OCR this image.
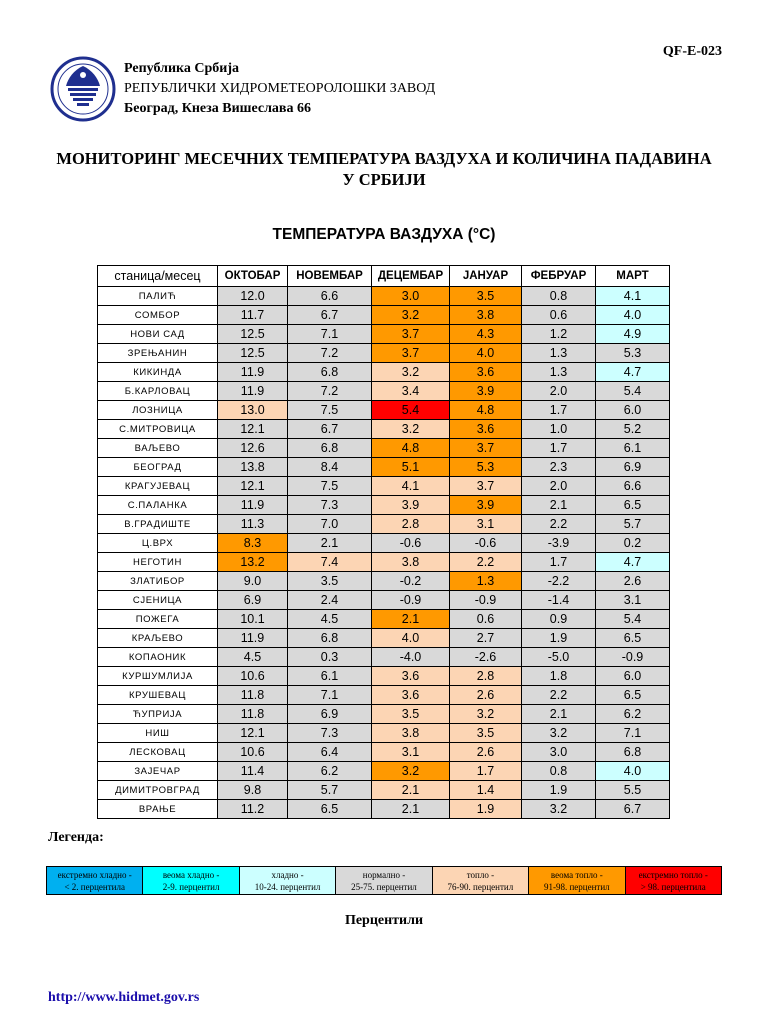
QF-E-023
Република Србија
РЕПУБЛИЧКИ ХИДРОМЕТЕОРОЛОШКИ ЗАВОД
Београд, Кнеза Вишеслава 66
МОНИТОРИНГ МЕСЕЧНИХ ТЕМПЕРАТУРА ВАЗДУХА И КОЛИЧИНА ПАДАВИНА
У СРБИЈИ
ТЕМПЕРАТУРА ВАЗДУХА (°C)
станица/месец	ОКТОБАР	НОВЕМБАР	ДЕЦЕМБАР	ЈАНУАР	ФЕБРУАР	МАРТ
ПАЛИЋ	12.0	6.6	3.0	3.5	0.8	4.1
СОМБОР	11.7	6.7	3.2	3.8	0.6	4.0
НОВИ САД	12.5	7.1	3.7	4.3	1.2	4.9
ЗРЕЊАНИН	12.5	7.2	3.7	4.0	1.3	5.3
КИКИНДА	11.9	6.8	3.2	3.6	1.3	4.7
Б.КАРЛОВАЦ	11.9	7.2	3.4	3.9	2.0	5.4
ЛОЗНИЦА	13.0	7.5	5.4	4.8	1.7	6.0
С.МИТРОВИЦА	12.1	6.7	3.2	3.6	1.0	5.2
ВАЉЕВО	12.6	6.8	4.8	3.7	1.7	6.1
БЕОГРАД	13.8	8.4	5.1	5.3	2.3	6.9
КРАГУЈЕВАЦ	12.1	7.5	4.1	3.7	2.0	6.6
С.ПАЛАНКА	11.9	7.3	3.9	3.9	2.1	6.5
В.ГРАДИШТЕ	11.3	7.0	2.8	3.1	2.2	5.7
Ц.ВРХ	8.3	2.1	-0.6	-0.6	-3.9	0.2
НЕГОТИН	13.2	7.4	3.8	2.2	1.7	4.7
ЗЛАТИБОР	9.0	3.5	-0.2	1.3	-2.2	2.6
СЈЕНИЦА	6.9	2.4	-0.9	-0.9	-1.4	3.1
ПОЖЕГА	10.1	4.5	2.1	0.6	0.9	5.4
КРАЉЕВО	11.9	6.8	4.0	2.7	1.9	6.5
КОПАОНИК	4.5	0.3	-4.0	-2.6	-5.0	-0.9
КУРШУМЛИЈА	10.6	6.1	3.6	2.8	1.8	6.0
КРУШЕВАЦ	11.8	7.1	3.6	2.6	2.2	6.5
ЋУПРИЈА	11.8	6.9	3.5	3.2	2.1	6.2
НИШ	12.1	7.3	3.8	3.5	3.2	7.1
ЛЕСКОВАЦ	10.6	6.4	3.1	2.6	3.0	6.8
ЗАЈЕЧАР	11.4	6.2	3.2	1.7	0.8	4.0
ДИМИТРОВГРАД	9.8	5.7	2.1	1.4	1.9	5.5
ВРАЊЕ	11.2	6.5	2.1	1.9	3.2	6.7
Легенда:
екстремно хладно -
< 2. перцентила
веома хладно -
2-9. перцентил
хладно -
10-24. перцентил
нормално -
25-75. перцентил
топло -
76-90. перцентил
веома топло -
91-98. перцентил
екстремно топло -
> 98. перцентила
Перцентили
http://www.hidmet.gov.rs
